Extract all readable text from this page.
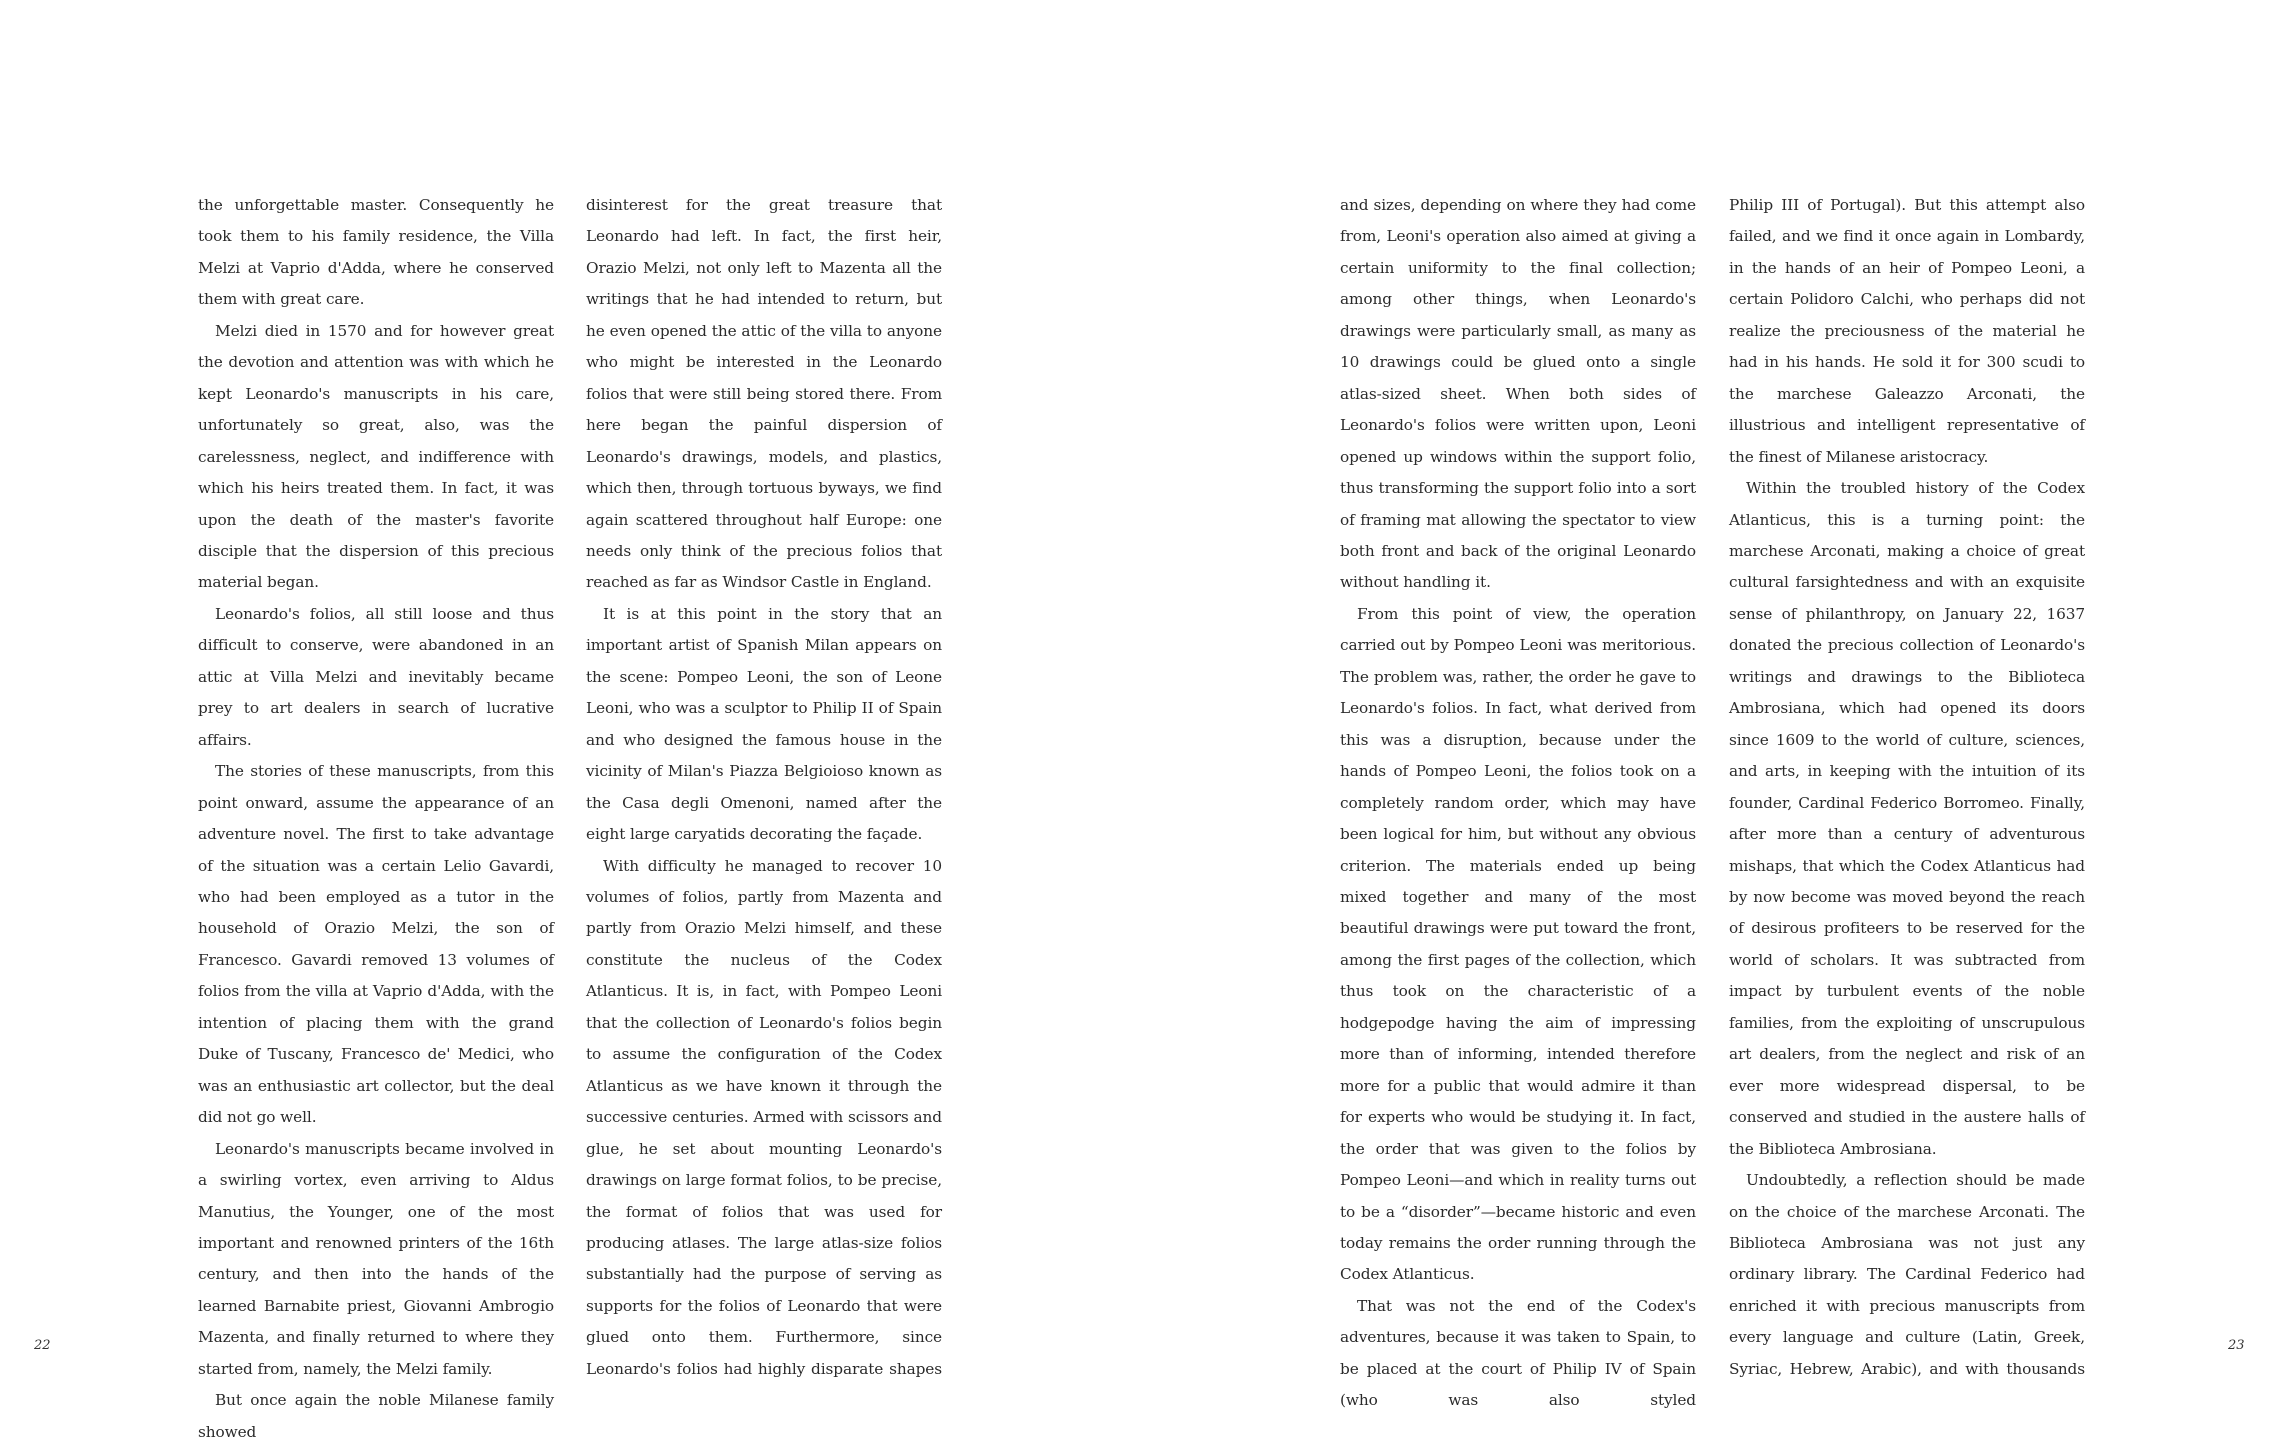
the unforgettable master. Consequently he took them to his family residence, the Villa Melzi at Vaprio d'Adda, where he conserved them with great care.

Melzi died in 1570 and for however great the devotion and attention was with which he kept Leonardo's manuscripts in his care, unfortunately so great, also, was the carelessness, neglect, and indifference with which his heirs treated them. In fact, it was upon the death of the master's favorite disciple that the dispersion of this precious material began.

Leonardo's folios, all still loose and thus difficult to conserve, were abandoned in an attic at Villa Melzi and inevitably became prey to art dealers in search of lucrative affairs.

The stories of these manuscripts, from this point onward, assume the appearance of an adventure novel. The first to take advantage of the situation was a certain Lelio Gavardi, who had been employed as a tutor in the household of Orazio Melzi, the son of Francesco. Gavardi removed 13 volumes of folios from the villa at Vaprio d'Adda, with the intention of placing them with the grand Duke of Tuscany, Francesco de' Medici, who was an enthusiastic art collector, but the deal did not go well.

Leonardo's manuscripts became involved in a swirling vortex, even arriving to Aldus Manutius, the Younger, one of the most important and renowned printers of the 16th century, and then into the hands of the learned Barnabite priest, Giovanni Ambrogio Mazenta, and finally returned to where they started from, namely, the Melzi family.

But once again the noble Milanese family showed

disinterest for the great treasure that Leonardo had left. In fact, the first heir, Orazio Melzi, not only left to Mazenta all the writings that he had intended to return, but he even opened the attic of the villa to anyone who might be interested in the Leonardo folios that were still being stored there. From here began the painful dispersion of Leonardo's drawings, models, and plastics, which then, through tortuous byways, we find again scattered throughout half Europe: one needs only think of the precious folios that reached as far as Windsor Castle in England.

It is at this point in the story that an important artist of Spanish Milan appears on the scene: Pompeo Leoni, the son of Leone Leoni, who was a sculptor to Philip II of Spain and who designed the famous house in the vicinity of Milan's Piazza Belgioioso known as the Casa degli Omenoni, named after the eight large caryatids decorating the façade.

With difficulty he managed to recover 10 volumes of folios, partly from Mazenta and partly from Orazio Melzi himself, and these constitute the nucleus of the Codex Atlanticus. It is, in fact, with Pompeo Leoni that the collection of Leonardo's folios begin to assume the configuration of the Codex Atlanticus as we have known it through the successive centuries. Armed with scissors and glue, he set about mounting Leonardo's drawings on large format folios, to be precise, the format of folios that was used for producing atlases. The large atlas-size folios substantially had the purpose of serving as supports for the folios of Leonardo that were glued onto them. Furthermore, since Leonardo's folios had highly disparate shapes

22

and sizes, depending on where they had come from, Leoni's operation also aimed at giving a certain uniformity to the final collection; among other things, when Leonardo's drawings were particularly small, as many as 10 drawings could be glued onto a single atlas-sized sheet. When both sides of Leonardo's folios were written upon, Leoni opened up windows within the support folio, thus transforming the support folio into a sort of framing mat allowing the spectator to view both front and back of the original Leonardo without handling it.

From this point of view, the operation carried out by Pompeo Leoni was meritorious. The problem was, rather, the order he gave to Leonardo's folios. In fact, what derived from this was a disruption, because under the hands of Pompeo Leoni, the folios took on a completely random order, which may have been logical for him, but without any obvious criterion. The materials ended up being mixed together and many of the most beautiful drawings were put toward the front, among the first pages of the collection, which thus took on the characteristic of a hodgepodge having the aim of impressing more than of informing, intended therefore more for a public that would admire it than for experts who would be studying it. In fact, the order that was given to the folios by Pompeo Leoni—and which in reality turns out to be a “disorder”—became historic and even today remains the order running through the Codex Atlanticus.

That was not the end of the Codex's adventures, because it was taken to Spain, to be placed at the court of Philip IV of Spain (who was also styled

Philip III of Portugal). But this attempt also failed, and we find it once again in Lombardy, in the hands of an heir of Pompeo Leoni, a certain Polidoro Calchi, who perhaps did not realize the preciousness of the material he had in his hands. He sold it for 300 scudi to the marchese Galeazzo Arconati, the illustrious and intelligent representative of the finest of Milanese aristocracy.

Within the troubled history of the Codex Atlanticus, this is a turning point: the marchese Arconati, making a choice of great cultural farsightedness and with an exquisite sense of philanthropy, on January 22, 1637 donated the precious collection of Leonardo's writings and drawings to the Biblioteca Ambrosiana, which had opened its doors since 1609 to the world of culture, sciences, and arts, in keeping with the intuition of its founder, Cardinal Federico Borromeo. Finally, after more than a century of adventurous mishaps, that which the Codex Atlanticus had by now become was moved beyond the reach of desirous profiteers to be reserved for the world of scholars. It was subtracted from impact by turbulent events of the noble families, from the exploiting of unscrupulous art dealers, from the neglect and risk of an ever more widespread dispersal, to be conserved and studied in the austere halls of the Biblioteca Ambrosiana.

Undoubtedly, a reflection should be made on the choice of the marchese Arconati. The Biblioteca Ambrosiana was not just any ordinary library. The Cardinal Federico had enriched it with precious manuscripts from every language and culture (Latin, Greek, Syriac, Hebrew, Arabic), and with thousands

23
